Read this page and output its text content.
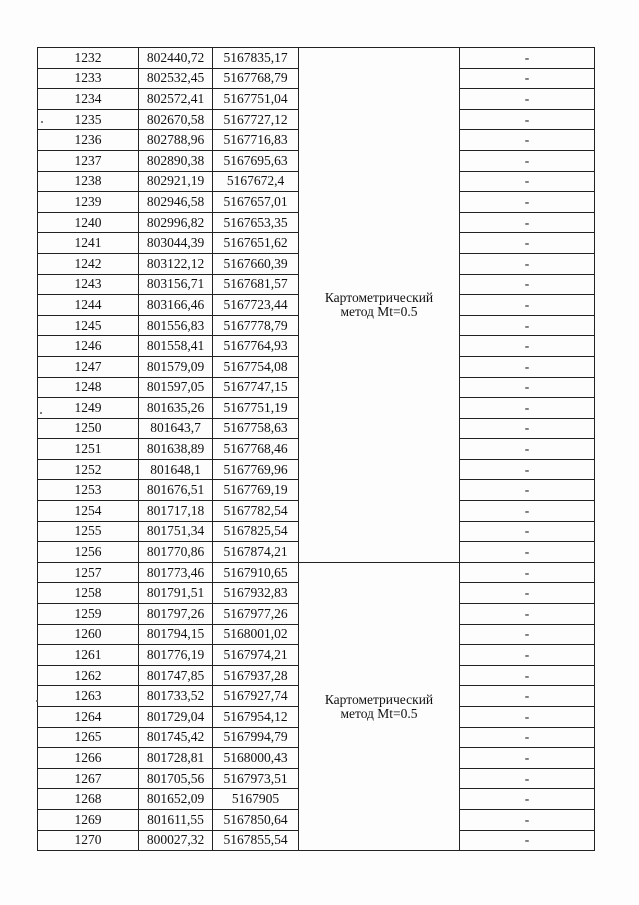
1232	802440,72	5167835,17	Картометрический
метод Mt=0.5	-
1233	802532,45	5167768,79		-
1234	802572,41	5167751,04		-
1235	802670,58	5167727,12		-
1236	802788,96	5167716,83		-
1237	802890,38	5167695,63		-
1238	802921,19	5167672,4		-
1239	802946,58	5167657,01		-
1240	802996,82	5167653,35		-
1241	803044,39	5167651,62		-
1242	803122,12	5167660,39		-
1243	803156,71	5167681,57		-
1244	803166,46	5167723,44		-
1245	801556,83	5167778,79		-
1246	801558,41	5167764,93		-
1247	801579,09	5167754,08		-
1248	801597,05	5167747,15		-
1249	801635,26	5167751,19		-
1250	801643,7	5167758,63		-
1251	801638,89	5167768,46		-
1252	801648,1	5167769,96		-
1253	801676,51	5167769,19		-
1254	801717,18	5167782,54		-
1255	801751,34	5167825,54		-
1256	801770,86	5167874,21		-
1257	801773,46	5167910,65	Картометрический
метод Mt=0.5	-
1258	801791,51	5167932,83		-
1259	801797,26	5167977,26		-
1260	801794,15	5168001,02		-
1261	801776,19	5167974,21		-
1262	801747,85	5167937,28		-
1263	801733,52	5167927,74		-
1264	801729,04	5167954,12		-
1265	801745,42	5167994,79		-
1266	801728,81	5168000,43		-
1267	801705,56	5167973,51		-
1268	801652,09	5167905		-
1269	801611,55	5167850,64		-
1270	800027,32	5167855,54		-
